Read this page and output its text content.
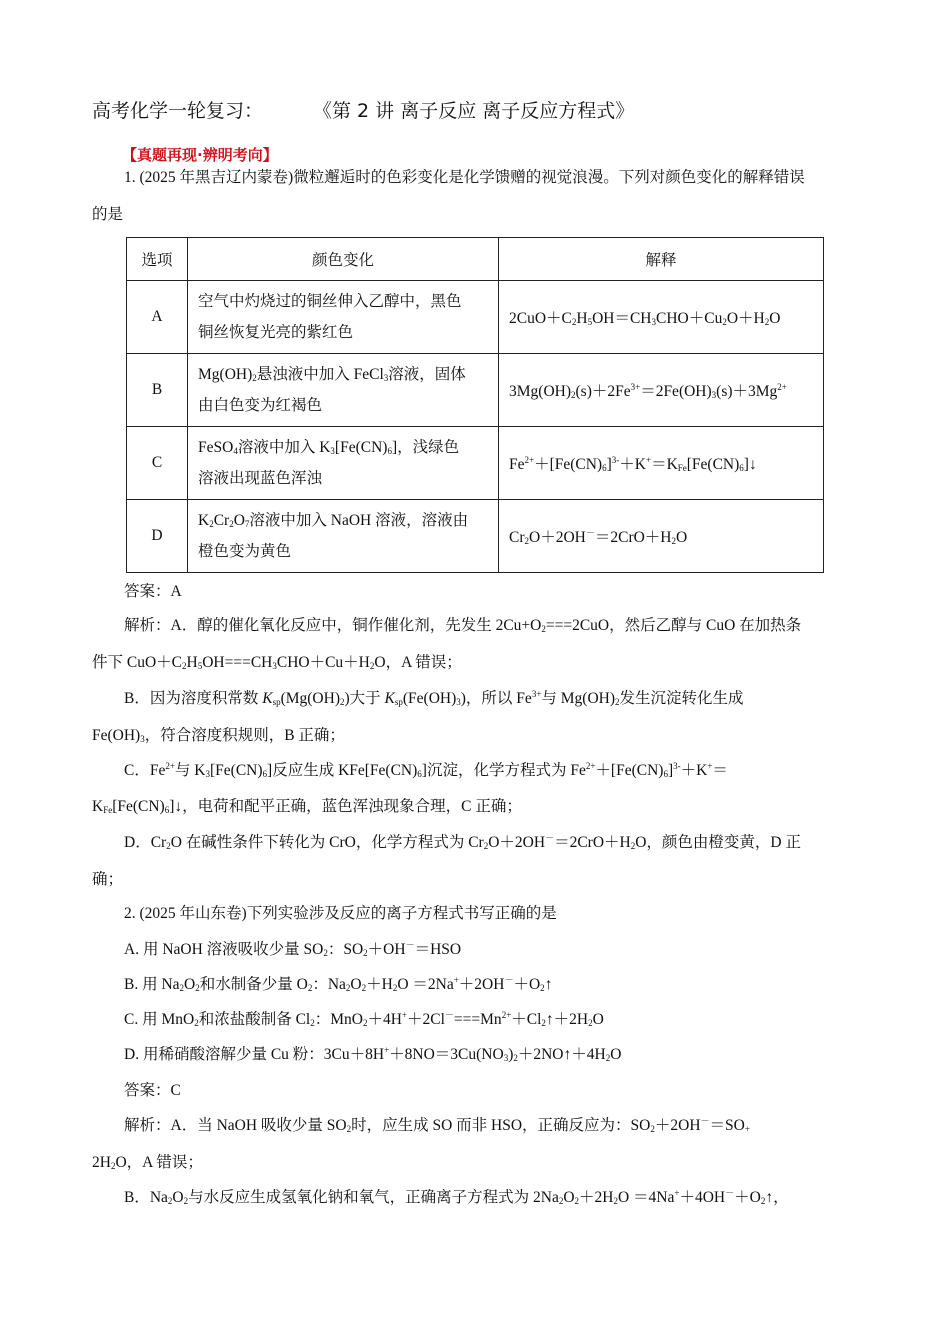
高考化学一轮复习：	《第 2 讲 离子反应 离子反应方程式》
【真题再现·辨明考向】
1. (2025 年黑吉辽内蒙卷)微粒邂逅时的色彩变化是化学馈赠的视觉浪漫。下列对颜色变化的解释错误
的是
选项	颜色变化	解释
A	空气中灼烧过的铜丝伸入乙醇中，黑色
铜丝恢复光亮的紫红色	$2CuO+C_2H_5OH=CH_3CHO+Cu_2O+H_2O$
B	$Mg(OH)_2$悬浊液中加入 FeCl$_3$溶液，固体
由白色变为红褐色	$3Mg(OH)_2(s)+2Fe^{3+}=2Fe(OH)_3(s)+3Mg^{2+}$
C	FeSO$_4$溶液中加入 $K_3[Fe(CN)_6]$，浅绿色
溶液出现蓝色浑浊	$Fe^{2+}+[Fe(CN)_6]^{3-}+K^+=K_{Fe}[Fe(CN)_6]↓$
D	$K_2Cr_2O_7$溶液中加入 NaOH 溶液，溶液由
橙色变为黄色	$Cr_2O+2OH^-=2CrO+H_2O$
答案：A
解析：A．醇的催化氧化反应中，铜作催化剂，先发生 $2Cu+O_2===2CuO$，然后乙醇与 CuO 在加热条
件下 $CuO+C_2H_5OH===CH_3CHO+Cu+H_2O$，A 错误；
B．因为溶度积常数 $K_{sp}(Mg(OH)_2)$大于 $K_{sp}(Fe(OH)_3)$，所以 $Fe^{3+}$与 $Mg(OH)_2$发生沉淀转化生成
$Fe(OH)_3$，符合溶度积规则，B 正确；
C．$Fe^{2+}$与 $K_3[Fe(CN)_6]$反应生成 $KFe[Fe(CN)_6]$沉淀，化学方程式为 $Fe^{2+}+[Fe(CN)_6]^{3-}+K^+=$
$K_{Fe}[Fe(CN)_6]↓$，电荷和配平正确，蓝色浑浊现象合理，C 正确；
D．$Cr_2O$ 在碱性条件下转化为 CrO，化学方程式为 $Cr_2O+2OH^-=2CrO+H_2O$，颜色由橙变黄，D 正
确；
2. (2025 年山东卷)下列实验涉及反应的离子方程式书写正确的是
A. 用 NaOH 溶液吸收少量 $SO_2$：$SO_2+OH^-=HSO$
B. 用 $Na_2O_2$和水制备少量 $O_2$：$Na_2O_2+H_2O$ $=2Na^++2OH^-+O_2↑$
C. 用 MnO$_2$和浓盐酸制备 $Cl_2$：$MnO_2+4H^++2Cl^-===Mn^{2+}+Cl_2↑+2H_2O$
D. 用稀硝酸溶解少量 Cu 粉：$3Cu+8H^++8NO=3Cu(NO_3)_2+2NO↑+4H_2O$
答案：C
解析：A．当 NaOH 吸收少量 $SO_2$时，应生成 SO 而非 HSO，正确反应为：$SO_2+2OH^-=SO_+$
$2H_2O$，A 错误；
B．$Na_2O_2$与水反应生成氢氧化钠和氧气，正确离子方程式为 $2Na_2O_2+2H_2O$ $=4Na^++4OH^-+O_2↑$，
